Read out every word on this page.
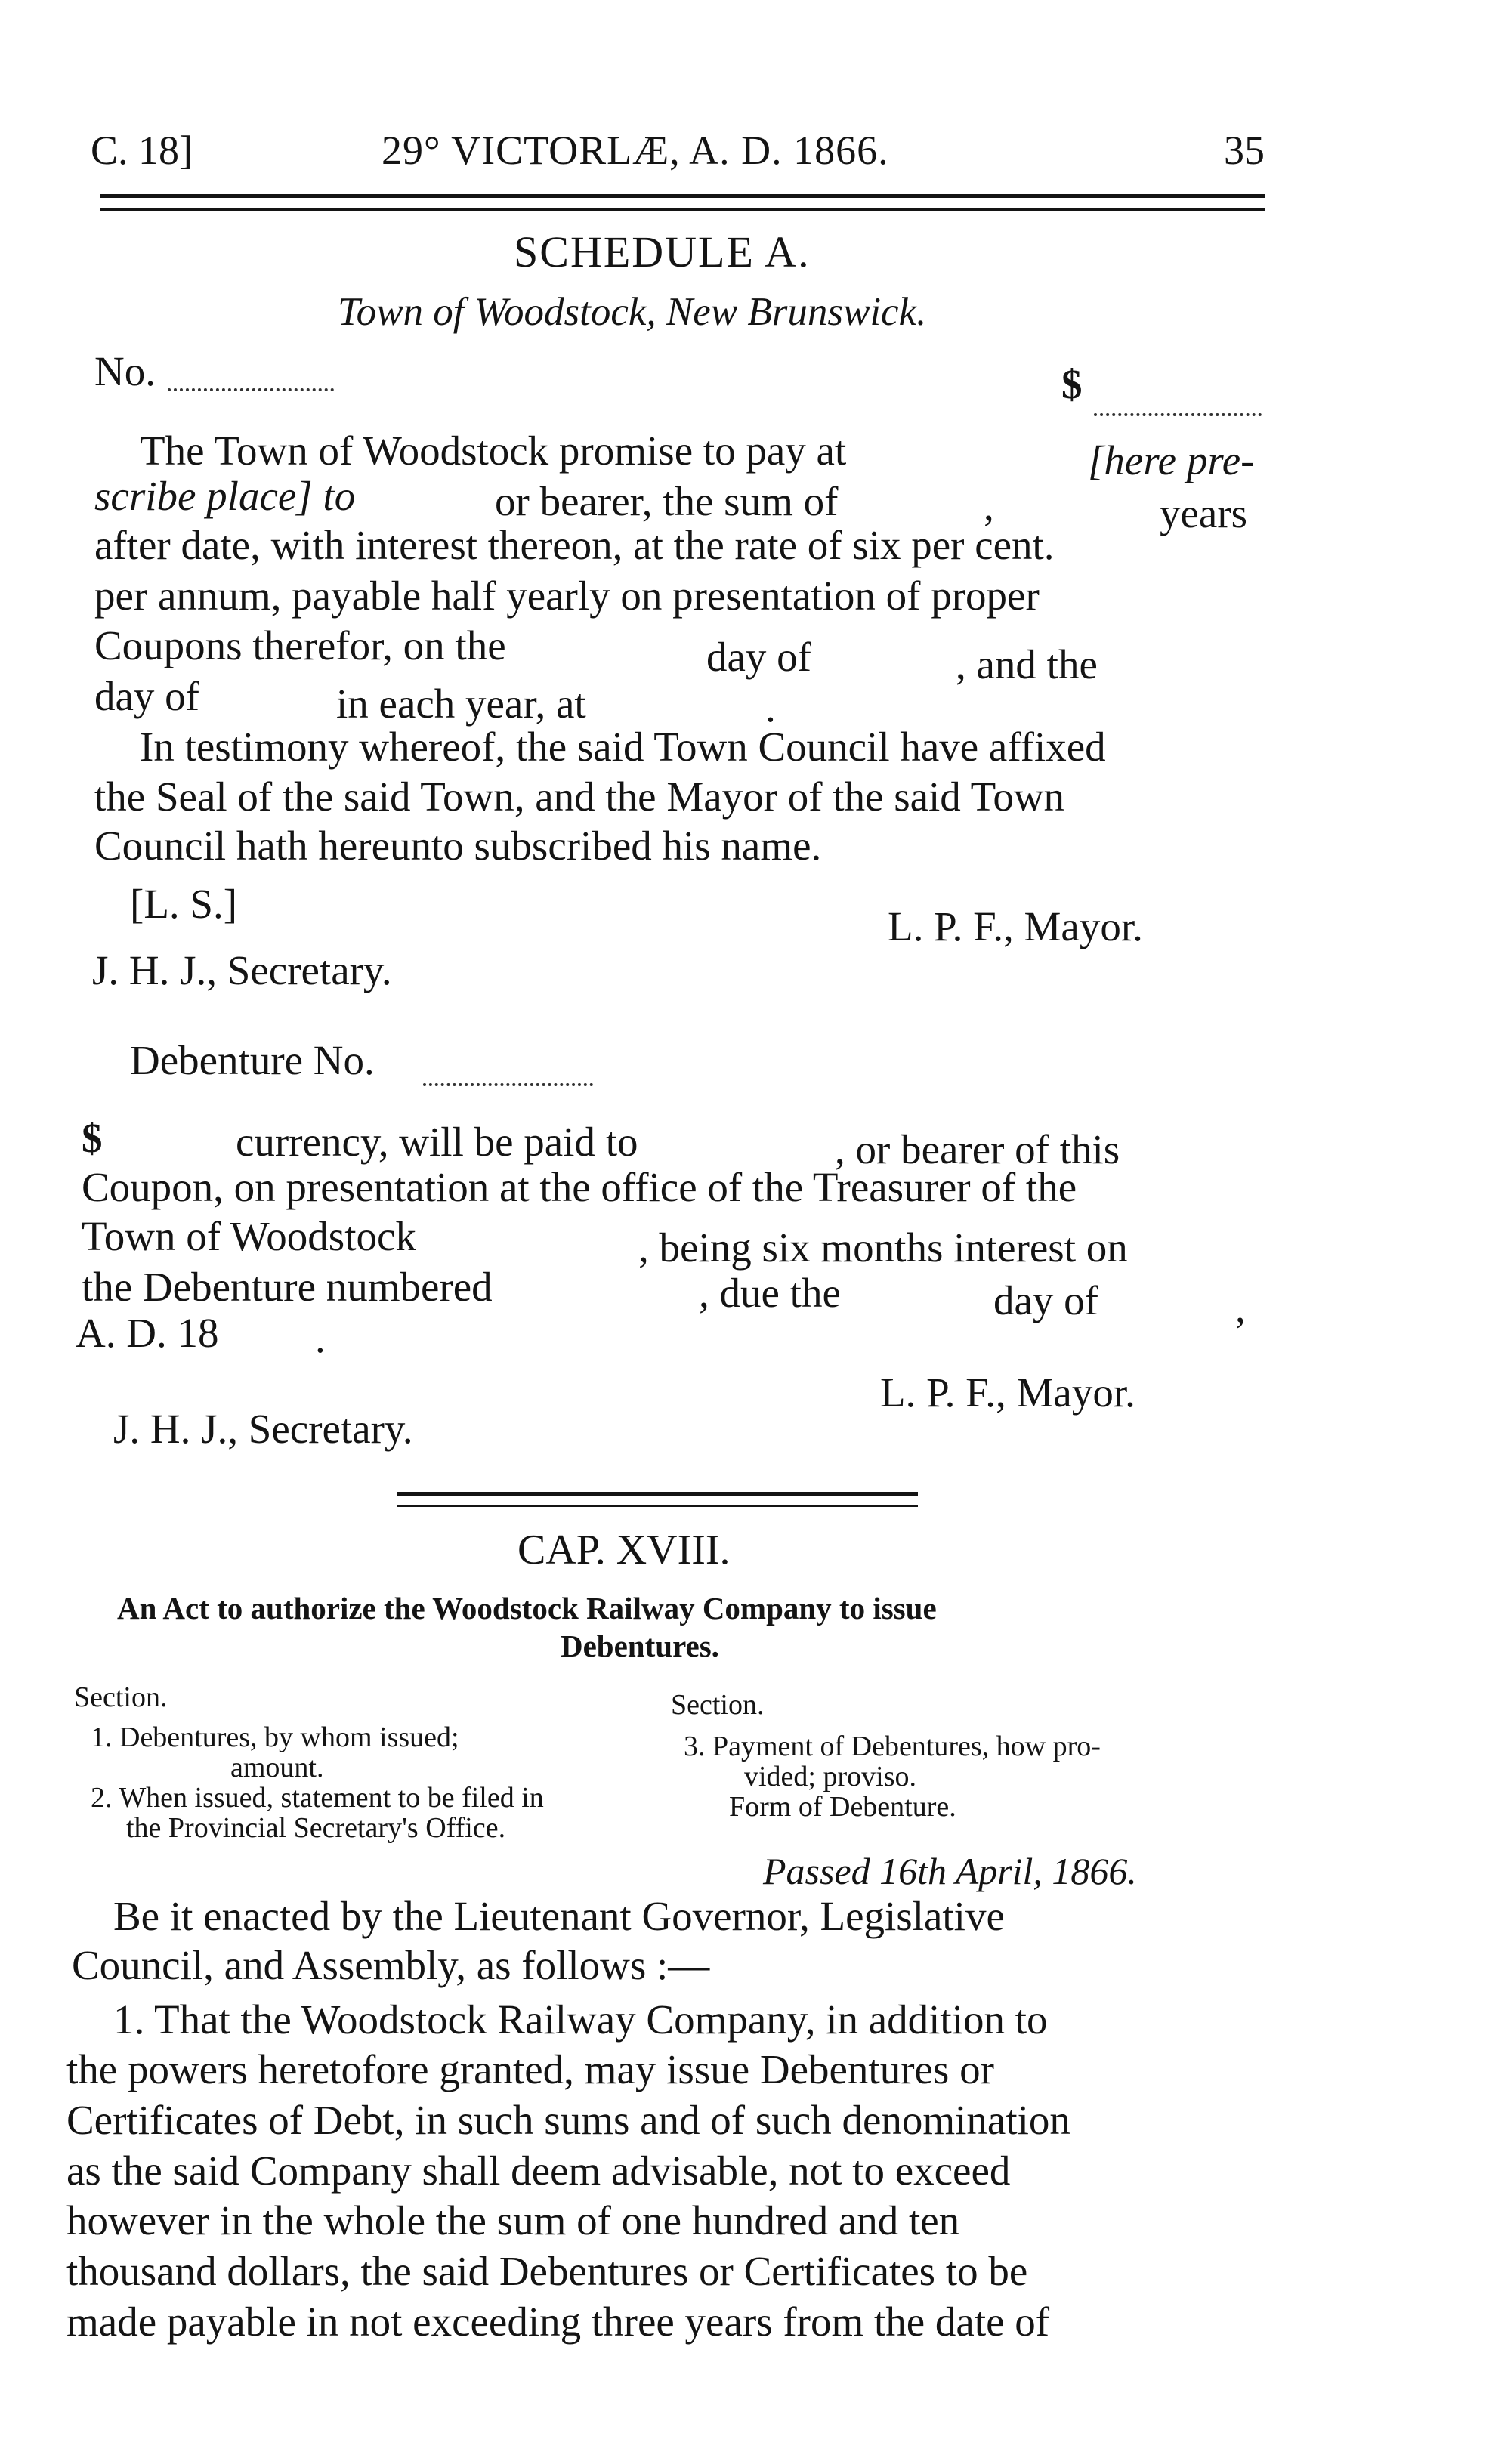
C. 18]	29° VICTORLÆ, A. D. 1866.	35
SCHEDULE A.
Town of Woodstock, New Brunswick.
No.	$
The Town of Woodstock promise to pay at	[here pre-
scribe place] to	or bearer, the sum of	,	years
after date, with interest thereon, at the rate of six per cent.
per annum, payable half yearly on presentation of proper
Coupons therefor, on the	day of	, and the
day of	in each year, at	.
In testimony whereof, the said Town Council have affixed
the Seal of the said Town, and the Mayor of the said Town
Council hath hereunto subscribed his name.
[L. S.]	L. P. F., Mayor.
J. H. J., Secretary.
Debenture No.
$	currency, will be paid to	, or bearer of this
Coupon, on presentation at the office of the Treasurer of the
Town of Woodstock	, being six months interest on
the Debenture numbered	, due the	day of	,
A. D. 18 .
L. P. F., Mayor.
J. H. J., Secretary.
CAP. XVIII.
An Act to authorize the Woodstock Railway Company to issue
Debentures.
Section.	Section.
1. Debentures, by whom issued;
amount.
2. When issued, statement to be filed in
the Provincial Secretary's Office.
3. Payment of Debentures, how pro-
vided; proviso.
Form of Debenture.
Passed 16th April, 1866.
Be it enacted by the Lieutenant Governor, Legislative
Council, and Assembly, as follows :—
1. That the Woodstock Railway Company, in addition to
the powers heretofore granted, may issue Debentures or
Certificates of Debt, in such sums and of such denomination
as the said Company shall deem advisable, not to exceed
however in the whole the sum of one hundred and ten
thousand dollars, the said Debentures or Certificates to be
made payable in not exceeding three years from the date of
